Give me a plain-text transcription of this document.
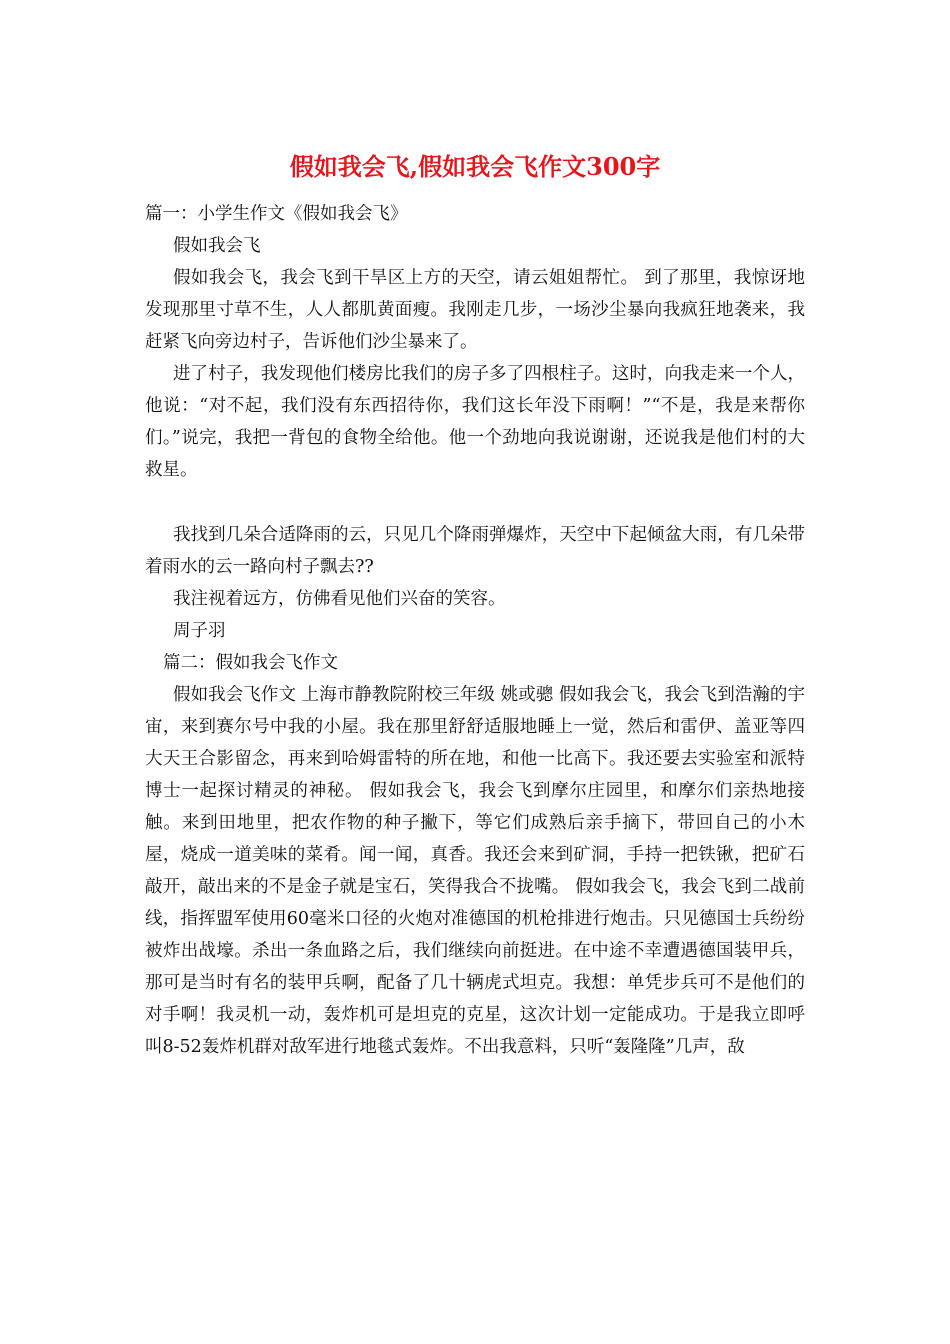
假如我会飞,假如我会飞作文300字

篇一：小学生作文《假如我会飞》

假如我会飞

假如我会飞，我会飞到干旱区上方的天空，请云姐姐帮忙。 到了那里，我惊讶地发现那里寸草不生，人人都肌黄面瘦。我刚走几步，一场沙尘暴向我疯狂地袭来，我赶紧飞向旁边村子，告诉他们沙尘暴来了。

进了村子，我发现他们楼房比我们的房子多了四根柱子。这时，向我走来一个人，他说：“对不起，我们没有东西招待你，我们这长年没下雨啊！”“不是，我是来帮你们。”说完，我把一背包的食物全给他。他一个劲地向我说谢谢，还说我是他们村的大救星。

我找到几朵合适降雨的云，只见几个降雨弹爆炸，天空中下起倾盆大雨，有几朵带着雨水的云一路向村子飘去??

我注视着远方，仿佛看见他们兴奋的笑容。

周子羽

篇二：假如我会飞作文

假如我会飞作文 上海市静教院附校三年级 姚或骢 假如我会飞，我会飞到浩瀚的宇宙，来到赛尔号中我的小屋。我在那里舒舒适服地睡上一觉，然后和雷伊、盖亚等四大天王合影留念，再来到哈姆雷特的所在地，和他一比高下。我还要去实验室和派特博士一起探讨精灵的神秘。 假如我会飞，我会飞到摩尔庄园里，和摩尔们亲热地接触。来到田地里，把农作物的种子撇下，等它们成熟后亲手摘下，带回自己的小木屋，烧成一道美味的菜肴。闻一闻，真香。我还会来到矿洞，手持一把铁锹，把矿石敲开，敲出来的不是金子就是宝石，笑得我合不拢嘴。 假如我会飞，我会飞到二战前线，指挥盟军使用60毫米口径的火炮对准德国的机枪排进行炮击。只见德国士兵纷纷被炸出战壕。杀出一条血路之后，我们继续向前挺进。在中途不幸遭遇德国装甲兵，那可是当时有名的装甲兵啊，配备了几十辆虎式坦克。我想：单凭步兵可不是他们的对手啊！我灵机一动，轰炸机可是坦克的克星，这次计划一定能成功。于是我立即呼叫8-52轰炸机群对敌军进行地毯式轰炸。不出我意料，只听“轰隆隆”几声，敌
